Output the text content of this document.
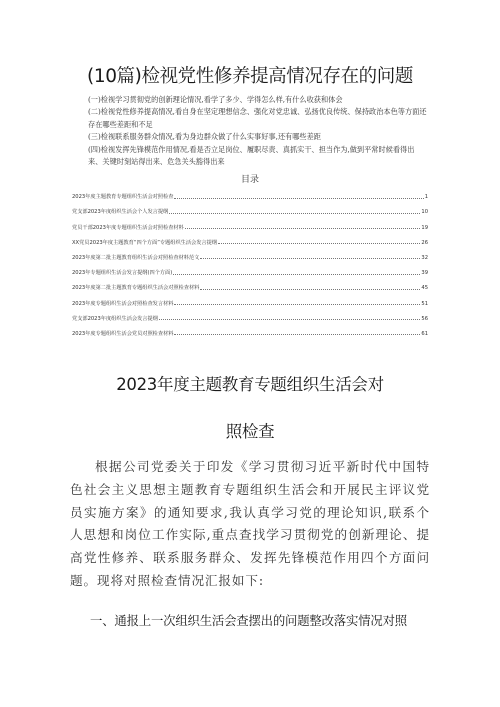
(10篇)检视党性修养提高情况存在的问题

(一)检视学习贯彻党的创新理论情况,看学了多少、学得怎么样,有什么收获和体会

(二)检视党性修养提高情况,看自身在坚定理想信念、强化对党忠诚、弘扬优良传统、保持政治本色等方面还存在哪些差距和不足

(三)检视联系服务群众情况,看为身边群众做了什么实事好事,还有哪些差距

(四)检视发挥先锋模范作用情况,看是否立足岗位、履职尽责、真抓实干、担当作为,做到平常时候看得出来、关键时刻站得出来、危急关头豁得出来

目录
2023年度主题教育专题组织生活会对照检查	1
党支部2023年度组织生活会个人发言提纲	10
党员干部2023年度专题组织生活会对照检查材料	19
XX党员2023年度主题教育“四个方面”专题组织生活会发言提纲	26
2023年度第二批主题教育组织生活会对照检查材料范文	32
2023年专题组织生活会发言提纲(四个方面)	39
2023年度第二批主题教育专题组织生活会对照检查材料	45
2023年度专题组织生活会对照检查发言材料	51
党支部2023年度组织生活会发言提纲	56
2023年度专题组织生活会党员对照检查材料	61
2023年度主题教育专题组织生活会对
照检查

根据公司党委关于印发《学习贯彻习近平新时代中国特色社会主义思想主题教育专题组织生活会和开展民主评议党员实施方案》的通知要求,我认真学习党的理论知识,联系个人思想和岗位工作实际,重点查找学习贯彻党的创新理论、提高党性修养、联系服务群众、发挥先锋模范作用四个方面问题。现将对照检查情况汇报如下:

一、通报上一次组织生活会查摆出的问题整改落实情况对照
